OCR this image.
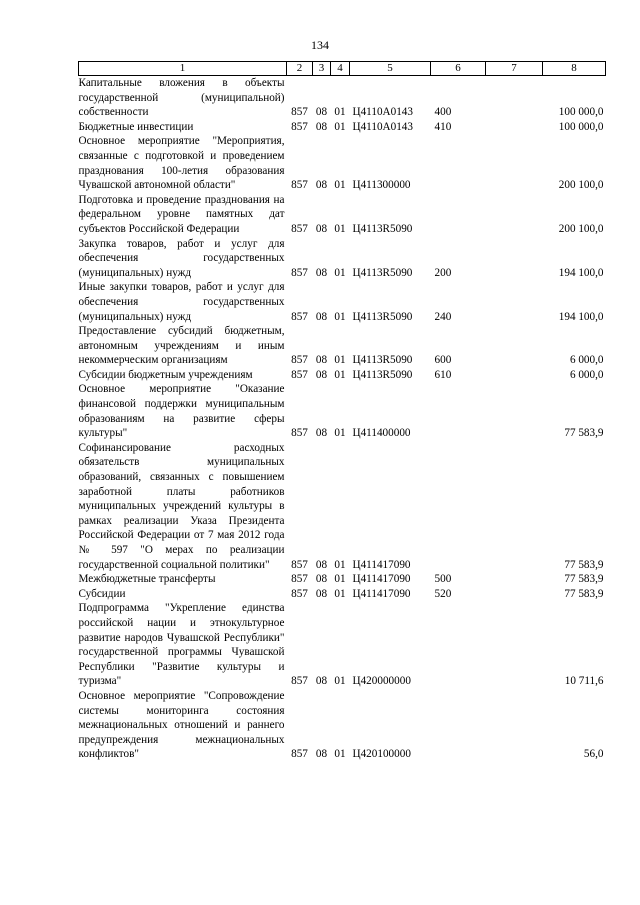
134
1	2	3	4	5	6	7	8
Капитальные вложения в объекты государственной (муниципальной) собственности	857	08	01	Ц4110А0143	400		100 000,0
Бюджетные инвестиции	857	08	01	Ц4110А0143	410		100 000,0
Основное мероприятие "Мероприятия, связанные с подготовкой и проведением празднования 100-летия образования Чувашской автономной области"	857	08	01	Ц411300000			200 100,0
Подготовка и проведение празднования на федеральном уровне памятных дат субъектов Российской Федерации	857	08	01	Ц4113R5090			200 100,0
Закупка товаров, работ и услуг для обеспечения государственных (муниципальных) нужд	857	08	01	Ц4113R5090	200		194 100,0
Иные закупки товаров, работ и услуг для обеспечения государственных (муниципальных) нужд	857	08	01	Ц4113R5090	240		194 100,0
Предоставление субсидий бюджетным, автономным учреждениям и иным некоммерческим организациям	857	08	01	Ц4113R5090	600		6 000,0
Субсидии бюджетным учреждениям	857	08	01	Ц4113R5090	610		6 000,0
Основное мероприятие "Оказание финансовой поддержки муниципальным образованиям на развитие сферы культуры"	857	08	01	Ц411400000			77 583,9
Софинансирование расходных обязательств муниципальных образований, связанных с повышением заработной платы работников муниципальных учреждений культуры в рамках реализации Указа Президента Российской Федерации от 7 мая 2012 года № 597 "О мерах по реализации государственной социальной политики"	857	08	01	Ц411417090			77 583,9
Межбюджетные трансферты	857	08	01	Ц411417090	500		77 583,9
Субсидии	857	08	01	Ц411417090	520		77 583,9
Подпрограмма "Укрепление единства российской нации и этнокультурное развитие народов Чувашской Республики" государственной программы Чувашской Республики "Развитие культуры и туризма"	857	08	01	Ц420000000			10 711,6
Основное мероприятие "Сопровождение системы мониторинга состояния межнациональных отношений и раннего предупреждения межнациональных конфликтов"	857	08	01	Ц420100000			56,0
